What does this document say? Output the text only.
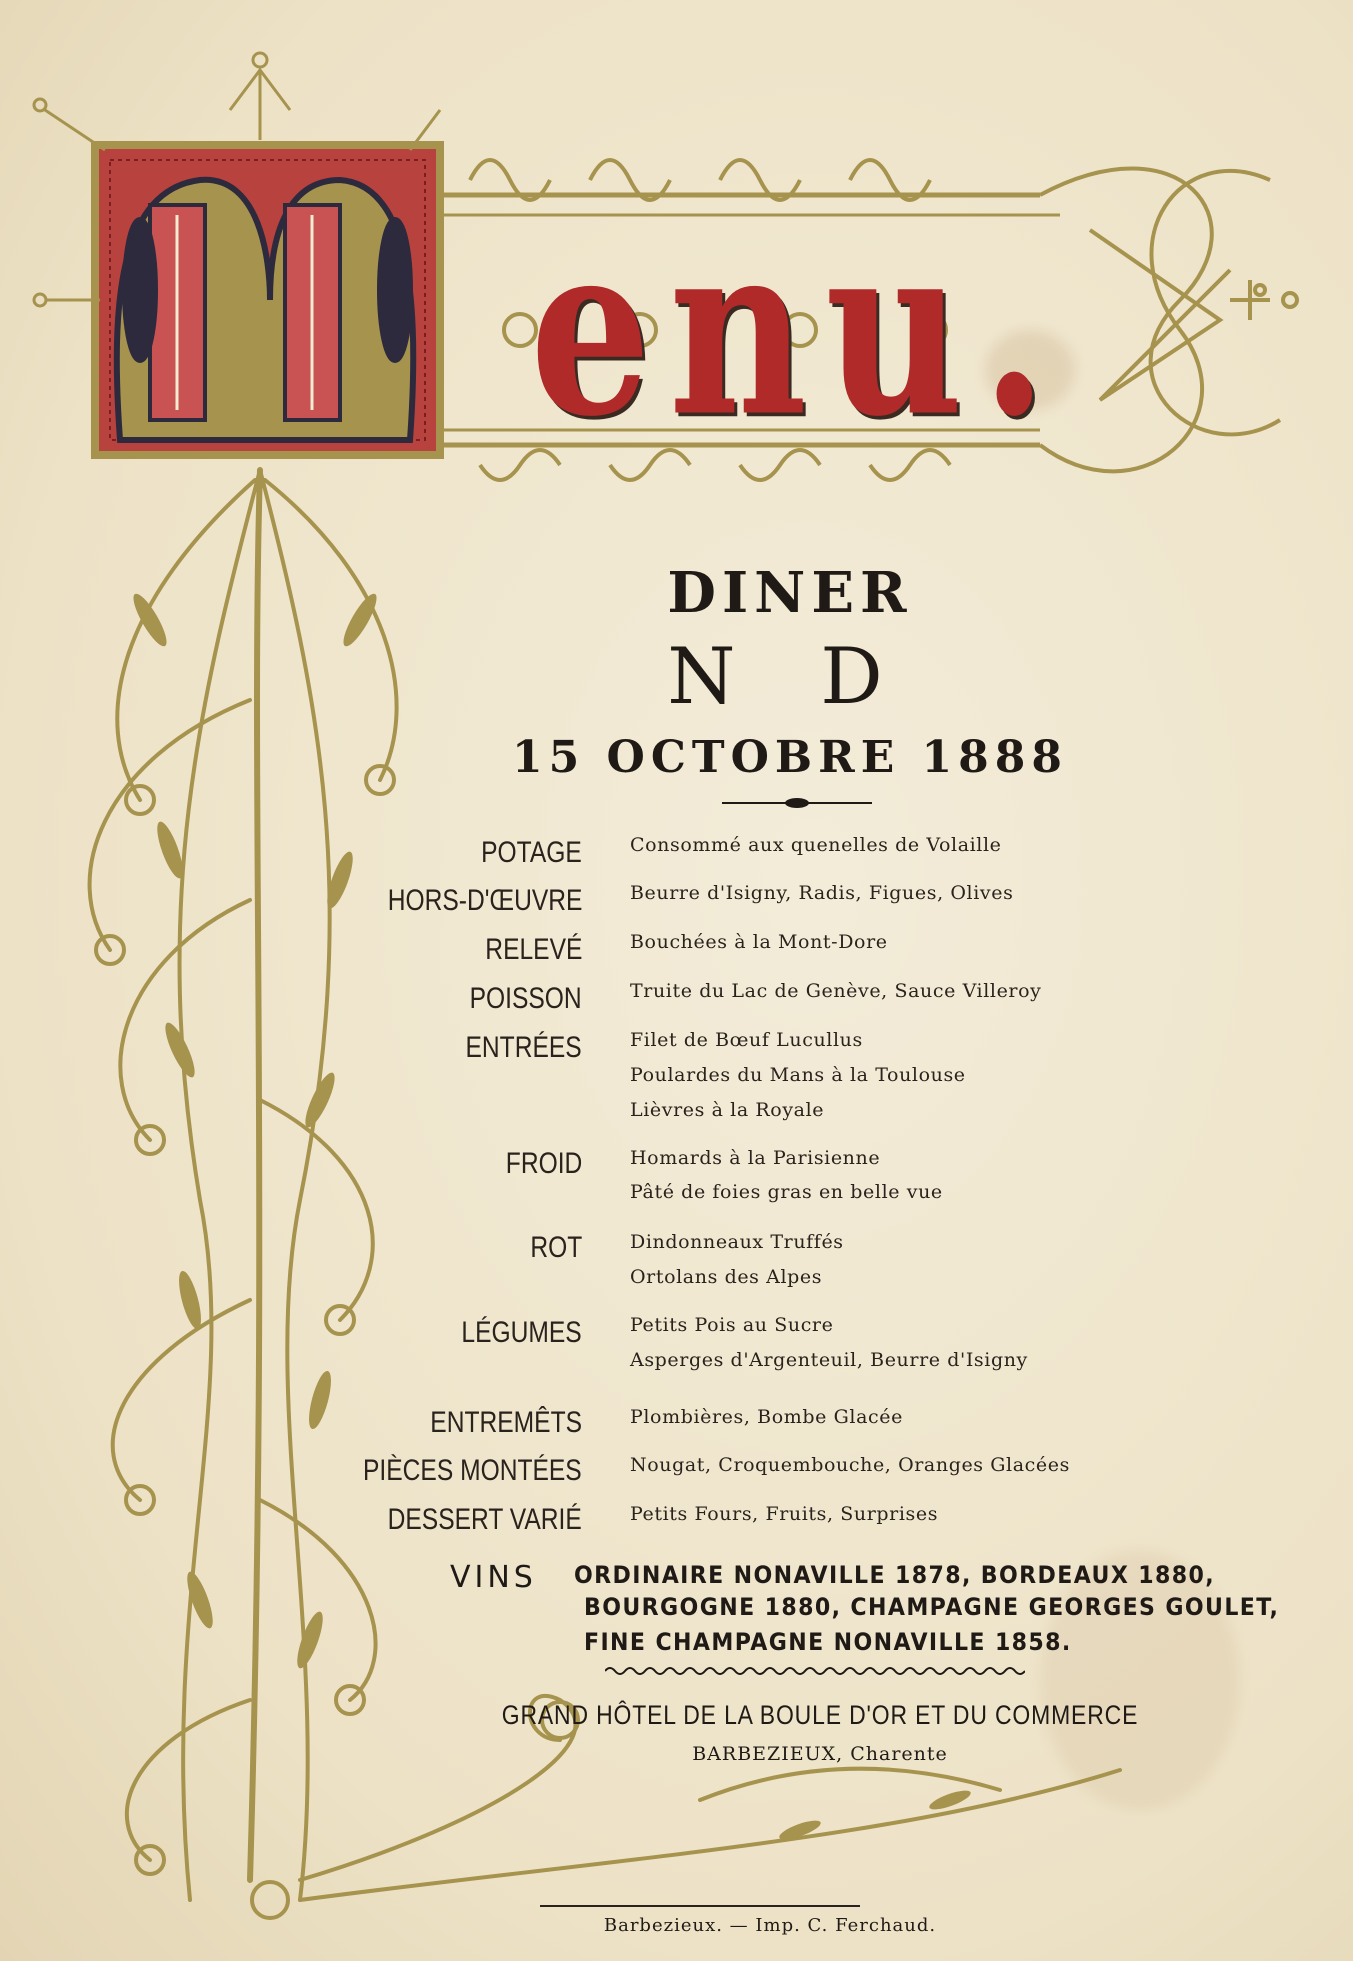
enu.
DINER
N D
15 OCTOBRE 1888
POTAGE	Consommé aux quenelles de Volaille
HORS-D'ŒUVRE	Beurre d'Isigny, Radis, Figues, Olives
RELEVÉ	Bouchées à la Mont-Dore
POISSON	Truite du Lac de Genève, Sauce Villeroy
ENTRÉES	Filet de Bœuf Lucullus
Poulardes du Mans à la Toulouse
Lièvres à la Royale
FROID	Homards à la Parisienne
Pâté de foies gras en belle vue
ROT	Dindonneaux Truffés
Ortolans des Alpes
LÉGUMES	Petits Pois au Sucre
Asperges d'Argenteuil, Beurre d'Isigny
ENTREMÊTS	Plombières, Bombe Glacée
PIÈCES MONTÉES	Nougat, Croquembouche, Oranges Glacées
DESSERT VARIÉ	Petits Fours, Fruits, Surprises
VINS ORDINAIRE NONAVILLE 1878, BORDEAUX 1880,
BOURGOGNE 1880, CHAMPAGNE GEORGES GOULET,
FINE CHAMPAGNE NONAVILLE 1858.
GRAND HÔTEL DE LA BOULE D'OR ET DU COMMERCE
BARBEZIEUX, Charente
Barbezieux. — Imp. C. Ferchaud.
